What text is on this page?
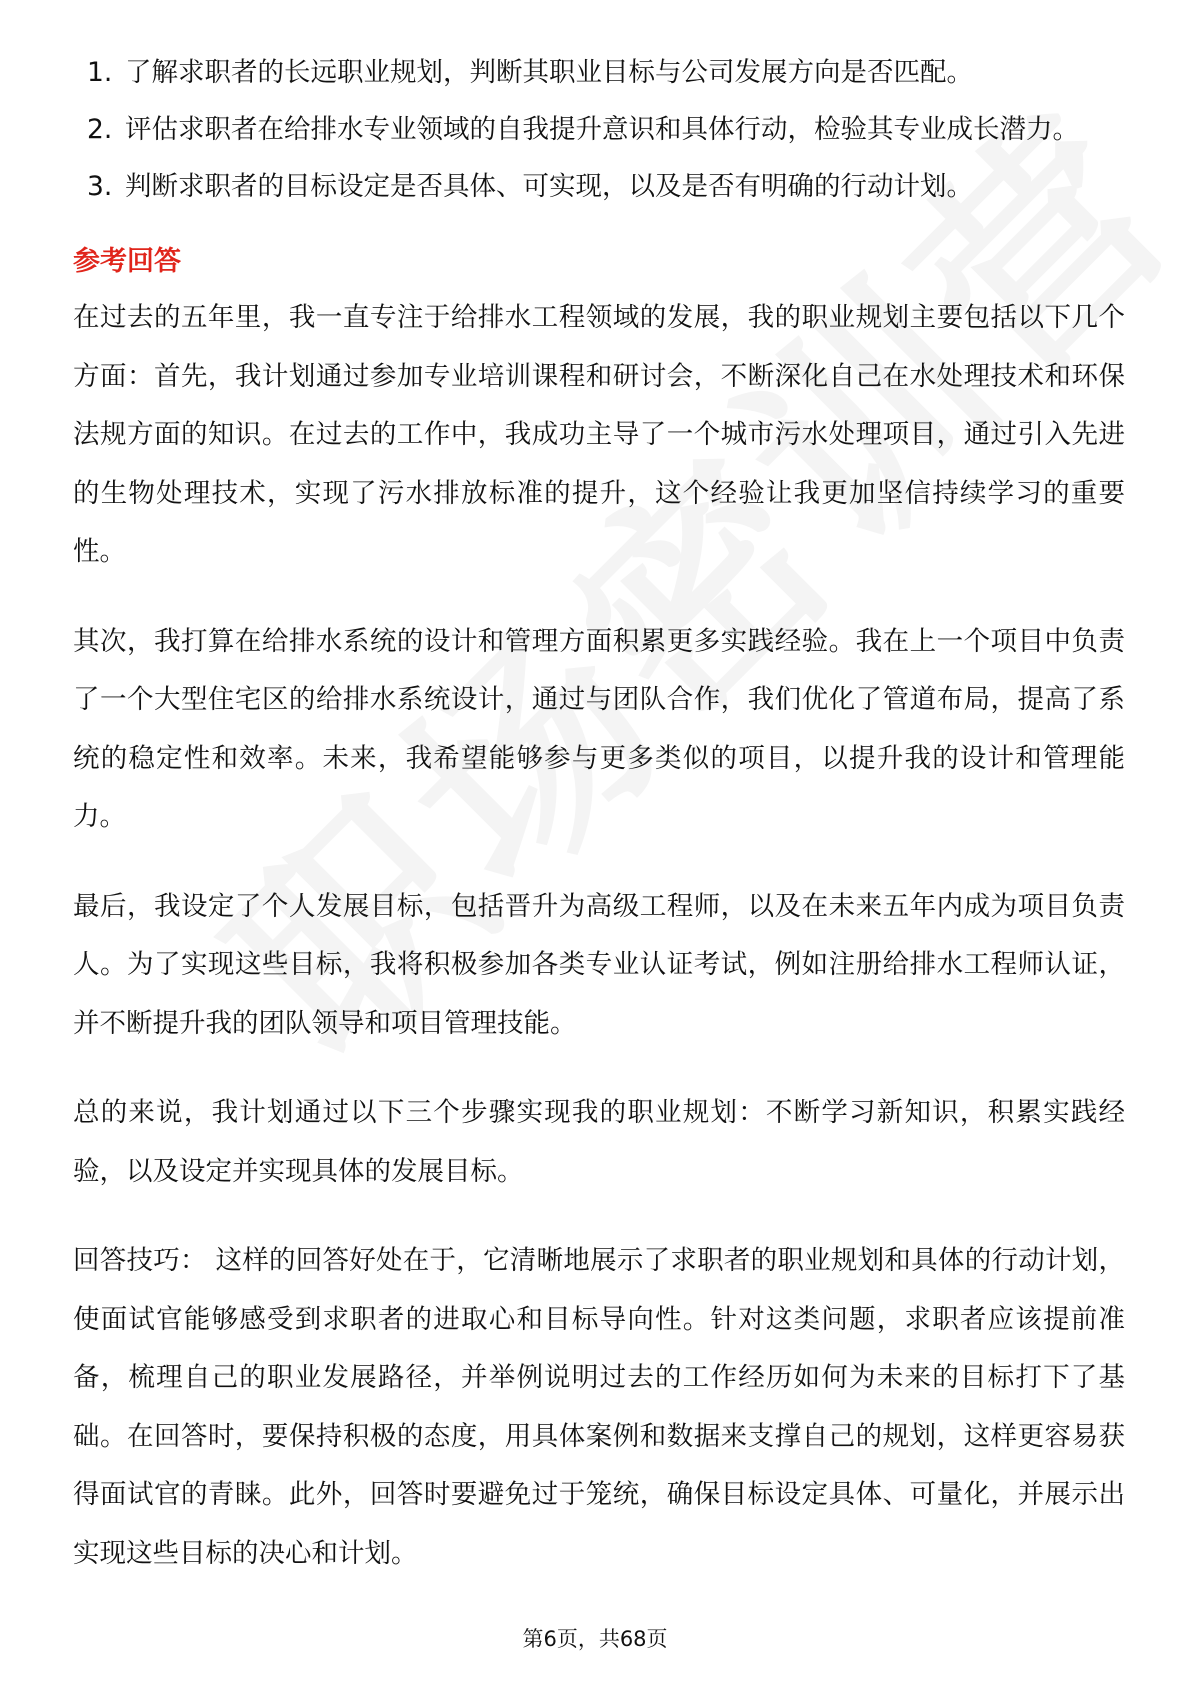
1. 了解求职者的长远职业规划，判断其职业目标与公司发展方向是否匹配。
2. 评估求职者在给排水专业领域的自我提升意识和具体行动，检验其专业成长潜力。
3. 判断求职者的目标设定是否具体、可实现，以及是否有明确的行动计划。
参考回答

在过去的五年里，我一直专注于给排水工程领域的发展，我的职业规划主要包括以下几个方面：首先，我计划通过参加专业培训课程和研讨会，不断深化自己在水处理技术和环保法规方面的知识。在过去的工作中，我成功主导了一个城市污水处理项目，通过引入先进的生物处理技术，实现了污水排放标准的提升，这个经验让我更加坚信持续学习的重要性。

其次，我打算在给排水系统的设计和管理方面积累更多实践经验。我在上一个项目中负责了一个大型住宅区的给排水系统设计，通过与团队合作，我们优化了管道布局，提高了系统的稳定性和效率。未来，我希望能够参与更多类似的项目，以提升我的设计和管理能力。

最后，我设定了个人发展目标，包括晋升为高级工程师，以及在未来五年内成为项目负责人。为了实现这些目标，我将积极参加各类专业认证考试，例如注册给排水工程师认证，并不断提升我的团队领导和项目管理技能。

总的来说，我计划通过以下三个步骤实现我的职业规划：不断学习新知识，积累实践经验，以及设定并实现具体的发展目标。

回答技巧： 这样的回答好处在于，它清晰地展示了求职者的职业规划和具体的行动计划，使面试官能够感受到求职者的进取心和目标导向性。针对这类问题，求职者应该提前准备，梳理自己的职业发展路径，并举例说明过去的工作经历如何为未来的目标打下了基础。在回答时，要保持积极的态度，用具体案例和数据来支撑自己的规划，这样更容易获得面试官的青睐。此外，回答时要避免过于笼统，确保目标设定具体、可量化，并展示出实现这些目标的决心和计划。

第6页，共68页
